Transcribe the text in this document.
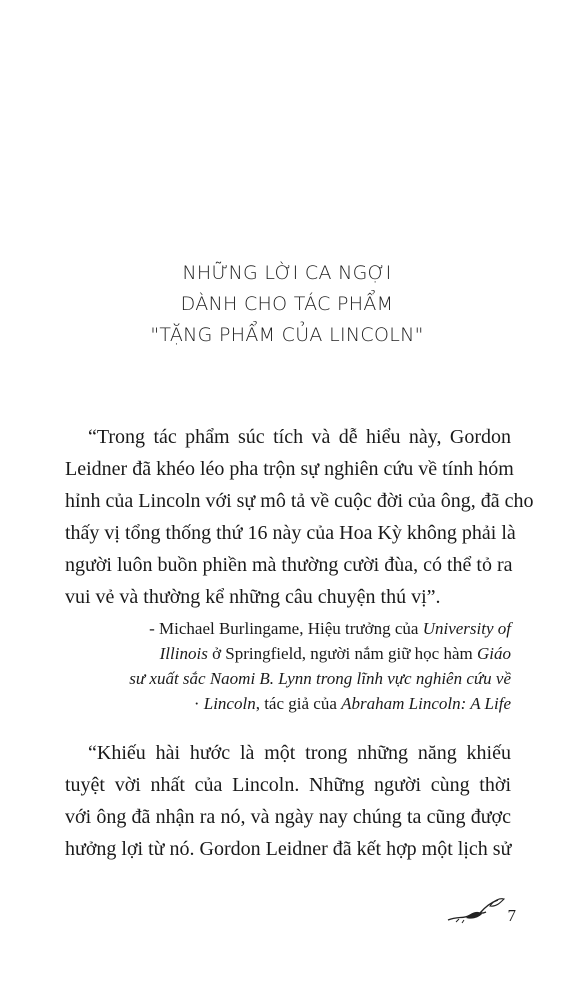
NHỮNG LỜI CA NGỢI
DÀNH CHO TÁC PHẨM
"TẶNG PHẨM CỦA LINCOLN"
“Trong tác phẩm súc tích và dễ hiểu này, Gordon
Leidner đã khéo léo pha trộn sự nghiên cứu về tính hóm
hỉnh của Lincoln với sự mô tả về cuộc đời của ông, đã cho
thấy vị tổng thống thứ 16 này của Hoa Kỳ không phải là
người luôn buồn phiền mà thường cười đùa, có thể tỏ ra
vui vẻ và thường kể những câu chuyện thú vị”.
- Michael Burlingame, Hiệu trưởng của University of
Illinois ở Springfield, người nắm giữ học hàm Giáo
sư xuất sắc Naomi B. Lynn trong lĩnh vực nghiên cứu về
· Lincoln, tác giả của Abraham Lincoln: A Life
“Khiếu hài hước là một trong những năng khiếu
tuyệt vời nhất của Lincoln. Những người cùng thời
với ông đã nhận ra nó, và ngày nay chúng ta cũng được
hưởng lợi từ nó. Gordon Leidner đã kết hợp một lịch sử
7
